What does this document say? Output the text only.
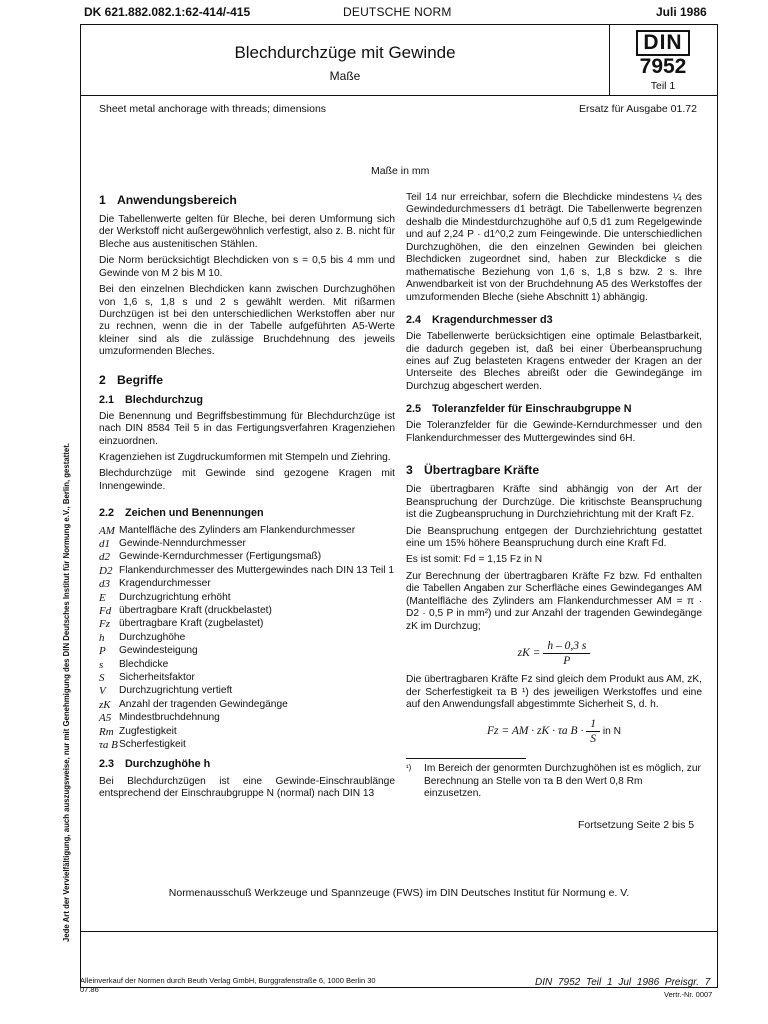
DK 621.882.082.1:62-414/-415	DEUTSCHE NORM	Juli 1986
Jede Art der Vervielfältigung, auch auszugsweise, nur mit Genehmigung des DIN Deutsches Institut für Normung e.V., Berlin, gestattet.
Blechdurchzüge mit Gewinde
Maße
DIN
7952
Teil 1
Sheet metal anchorage with threads; dimensions	Ersatz für Ausgabe 01.72
Maße in mm
1 Anwendungsbereich

Die Tabellenwerte gelten für Bleche, bei deren Umformung sich der Werkstoff nicht außergewöhnlich verfestigt, also z. B. nicht für Bleche aus austenitischen Stählen.

Die Norm berücksichtigt Blechdicken von s = 0,5 bis 4 mm und Gewinde von M 2 bis M 10.

Bei den einzelnen Blechdicken kann zwischen Durchzughöhen von 1,6 s, 1,8 s und 2 s gewählt werden. Mit rißarmen Durchzügen ist bei den unterschiedlichen Werkstoffen aber nur zu rechnen, wenn die in der Tabelle aufgeführten A5-Werte kleiner sind als die zulässige Bruchdehnung des jeweils umzuformenden Bleches.

2 Begriffe
2.1 Blechdurchzug

Die Benennung und Begriffsbestimmung für Blechdurchzüge ist nach DIN 8584 Teil 5 in das Fertigungsverfahren Kragenziehen einzuordnen.

Kragenziehen ist Zugdruckumformen mit Stempeln und Ziehring.

Blechdurchzüge mit Gewinde sind gezogene Kragen mit Innengewinde.

2.2 Zeichen und Benennungen
AM Mantelfläche des Zylinders am Flankendurchmesser
d1 Gewinde-Nenndurchmesser
d2 Gewinde-Kerndurchmesser (Fertigungsmaß)
D2 Flankendurchmesser des Muttergewindes nach DIN 13 Teil 1
d3 Kragendurchmesser
E	Durchzugrichtung erhöht
Fd übertragbare Kraft (druckbelastet)
Fz übertragbare Kraft (zugbelastet)
h	Durchzughöhe
P	Gewindesteigung
s	Blechdicke
S	Sicherheitsfaktor
V	Durchzugrichtung vertieft
zK Anzahl der tragenden Gewindegänge
A5 Mindestbruchdehnung
Rm Zugfestigkeit
τa B Scherfestigkeit
2.3 Durchzughöhe h

Bei Blechdurchzügen ist eine Gewinde-Einschraublänge entsprechend der Einschraubgruppe N (normal) nach DIN 13

Teil 14 nur erreichbar, sofern die Blechdicke mindestens ¼ des Gewindedurchmessers d1 beträgt. Die Tabellenwerte begrenzen deshalb die Mindestdurchzughöhe auf 0,5 d1 zum Regelgewinde und auf 2,24 P · d1^0,2 zum Feingewinde. Die unterschiedlichen Durchzughöhen, die den einzelnen Gewinden bei gleichen Blechdicken zugeordnet sind, haben zur Bleckdicke s die mathematische Beziehung von 1,6 s, 1,8 s bzw. 2 s. Ihre Anwendbarkeit ist von der Bruchdehnung A5 des Werkstoffes der umzuformenden Bleche (siehe Abschnitt 1) abhängig.

2.4 Kragendurchmesser d3

Die Tabellenwerte berücksichtigen eine optimale Belastbarkeit, die dadurch gegeben ist, daß bei einer Überbeanspruchung eines auf Zug belasteten Kragens entweder der Kragen an der Unterseite des Bleches abreißt oder die Gewindegänge im Durchzug abgeschert werden.

2.5 Toleranzfelder für Einschraubgruppe N

Die Toleranzfelder für die Gewinde-Kerndurchmesser und den Flankendurchmesser des Muttergewindes sind 6H.

3 Übertragbare Kräfte

Die übertragbaren Kräfte sind abhängig von der Art der Beanspruchung der Durchzüge. Die kritischste Beanspruchung ist die Zugbeanspruchung in Durchziehrichtung mit der Kraft Fz.

Die Beanspruchung entgegen der Durchziehrichtung gestattet eine um 15% höhere Beanspruchung durch eine Kraft Fd.

Es ist somit: Fd = 1,15 Fz in N

Zur Berechnung der übertragbaren Kräfte Fz bzw. Fd enthalten die Tabellen Angaben zur Scherfläche eines Gewindeganges AM (Mantelfläche des Zylinders am Flankendurchmesser AM = π · D2 · 0,5 P in mm²) und zur Anzahl der tragenden Gewindegänge zK im Durchzug;

zK = $\frac{h - 0,3 s}{P}$

Die übertragbaren Kräfte Fz sind gleich dem Produkt aus AM, zK, der Scherfestigkeit τa B ¹) des jeweiligen Werkstoffes und eine auf den Anwendungsfall abgestimmte Sicherheit S, d. h.

Fz = AM · zK · τa $B \cdot \frac{1}{S}$ in N
¹)	Im Bereich der genormten Durchzughöhen ist es möglich, zur Berechnung an Stelle von τa B den Wert 0,8 Rm einzusetzen.
Fortsetzung Seite 2 bis 5
Normenausschuß Werkzeuge und Spannzeuge (FWS) im DIN Deutsches Institut für Normung e. V.
Alleinverkauf der Normen durch Beuth Verlag GmbH, Burggrafenstraße 6, 1000 Berlin 30
07.86
DIN 7952 Teil 1 Jul 1986 Preisgr. 7
Vertr.-Nr. 0007
